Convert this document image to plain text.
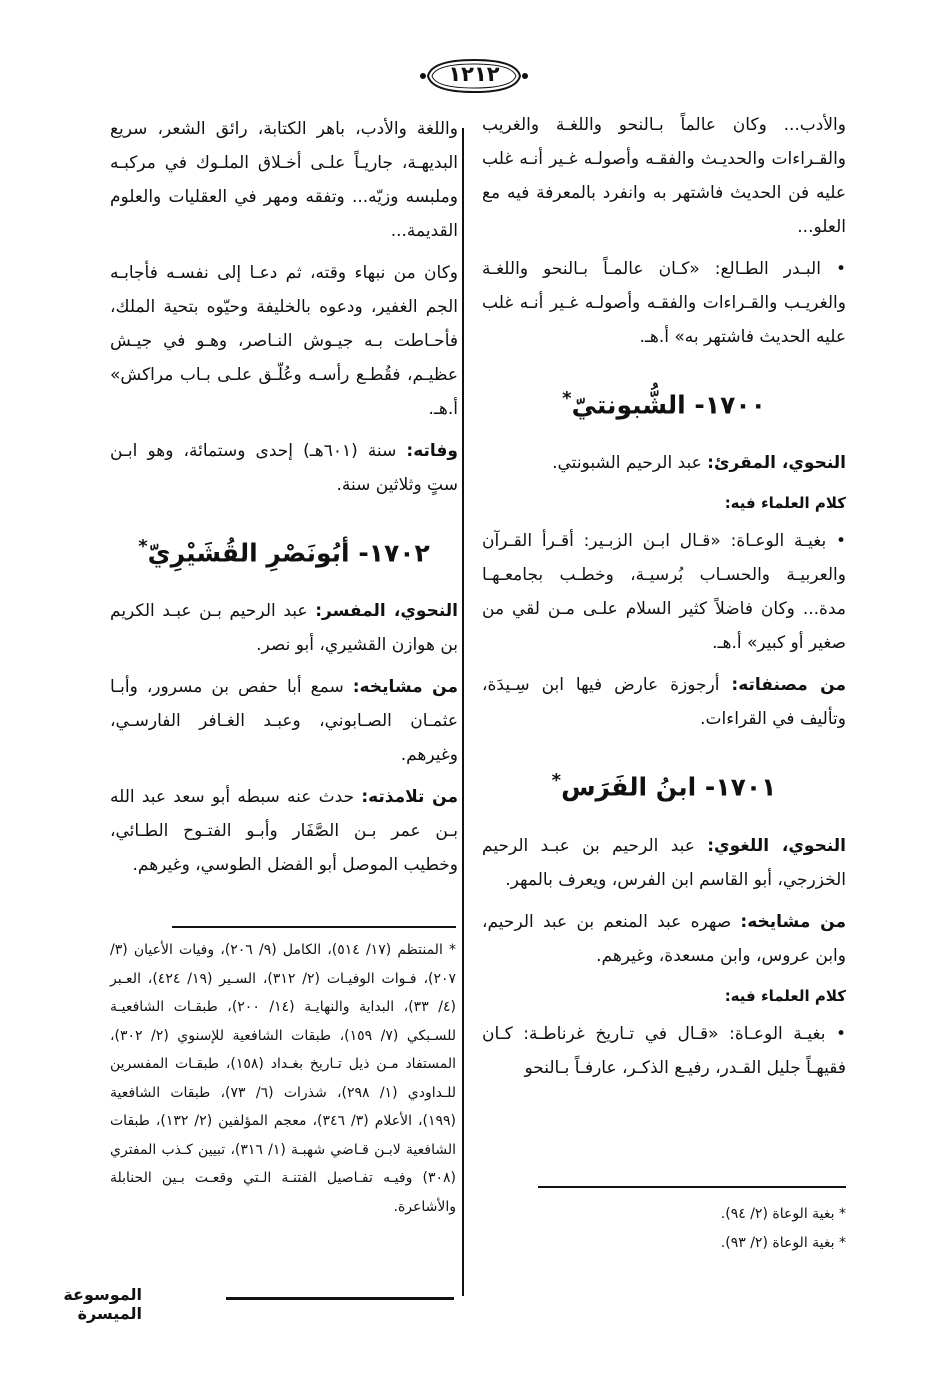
١٢١٢

والأدب... وكان عالماً بـالنحو واللغـة والغريب والقـراءات والحديـث والفقـه وأصولـه غـير أنـه غلب عليه فن الحديث فاشتهر به وانفرد بالمعرفة فيه مع العلو...

• البـدر الطـالع: «كـان عالمـاً بـالنحو واللغـة والغريـب والقـراءات والفقـه وأصولـه غـير أنـه غلب عليه الحديث فاشتهر به» أ.هـ.

١٧٠٠- الشُّبونتيّ*

النحوي، المقرئ: عبد الرحيم الشبونتي.

كلام العلماء فيه:

• بغيـة الوعـاة: «قـال ابـن الزبـير: أقـرأ القـرآن والعربيـة والحسـاب بُرسيـة، وخطـب بجامعـهـا مدة... وكان فاضلاً كثير السلام علـى مـن لقي من صغير أو كبير» أ.هـ.

من مصنفاته: أرجوزة عارض فيها ابن سِـيدَة، وتأليف في القراءات.

١٧٠١- ابنُ الفَرَس*

النحوي، اللغوي: عبد الرحيم بن عبـد الرحيم الخزرجي، أبو القاسم ابن الفرس، ويعرف بالمهر.

من مشايخه: صهره عبد المنعم بن عبد الرحيم، وابن عروس، وابن مسعدة، وغيرهم.

كلام العلماء فيه:

• بغيـة الوعـاة: «قـال في تـاريخ غرناطـة: كـان فقيهـاً جليل القـدر، رفيـع الذكـر، عارفـاً بـالنحو

واللغة والأدب، باهر الكتابة، رائق الشعر، سريع البديهـة، جاريـاً علـى أخـلاق الملـوك في مركبـه وملبسه وزيّه... وتفقه ومهر في العقليات والعلوم القديمة...

وكان من نبهاء وقته، ثم دعـا إلى نفسـه فأجابـه الجم الغفير، ودعوه بالخليفة وحيّوه بتحية الملك، فأحـاطت بـه جيـوش النـاصر، وهـو في جيـش عظيـم، فقُطـع رأسـه وعُلّـق علـى بـاب مراكش» أ.هـ.

وفاته: سنة (٦٠١هـ) إحدى وستمائة، وهو ابـن ستٍ وثلاثين سنة.

١٧٠٢- أبُونَصْرِ القُشَيْرِيّ*

النحوي، المفسر: عبد الرحيم بـن عبـد الكريم بن هوازن القشيري، أبو نصر.

من مشايخه: سمع أبا حفص بن مسرور، وأبـا عثمـان الصـابوني، وعبـد الغـافر الفارسـي، وغيرهم.

من تلامذته: حدث عنه سبطه أبو سعد عبد الله بـن عمر بـن الصَّفَار وأبـو الفتـوح الطـائي، وخطيب الموصل أبو الفضل الطوسي، وغيرهم.

* بغية الوعاة (٢/ ٩٤).
* بغية الوعاة (٢/ ٩٣).
* المنتظم (١٧/ ٥١٤)، الكامل (٩/ ٢٠٦)، وفيات الأعيان (٣/ ٢٠٧)، فـوات الوفيـات (٢/ ٣١٢)، السـير (١٩/ ٤٢٤)، العـبر (٤/ ٣٣)، البداية والنهايـة (١٤/ ٢٠٠)، طبقـات الشافعيـة للسـبكي (٧/ ١٥٩)، طبقات الشافعية للإسنوي (٢/ ٣٠٢)، المستفاد مـن ذيل تـاريخ بغـداد (١٥٨)، طبقـات المفسرين للـداودي (١/ ٢٩٨)، شذرات (٦/ ٧٣)، طبقات الشافعية (١٩٩)، الأعلام (٣/ ٣٤٦)، معجم المؤلفين (٢/ ١٣٢)، طبقات الشافعية لابـن قـاضي شهبـة (١/ ٣١٦)، تبيين كـذب المفتري (٣٠٨) وفيـه تفـاصيل الفتنـة الـتي وقعـت بـين الحنابلة والأشاعرة.
الموسوعة الميسرة
